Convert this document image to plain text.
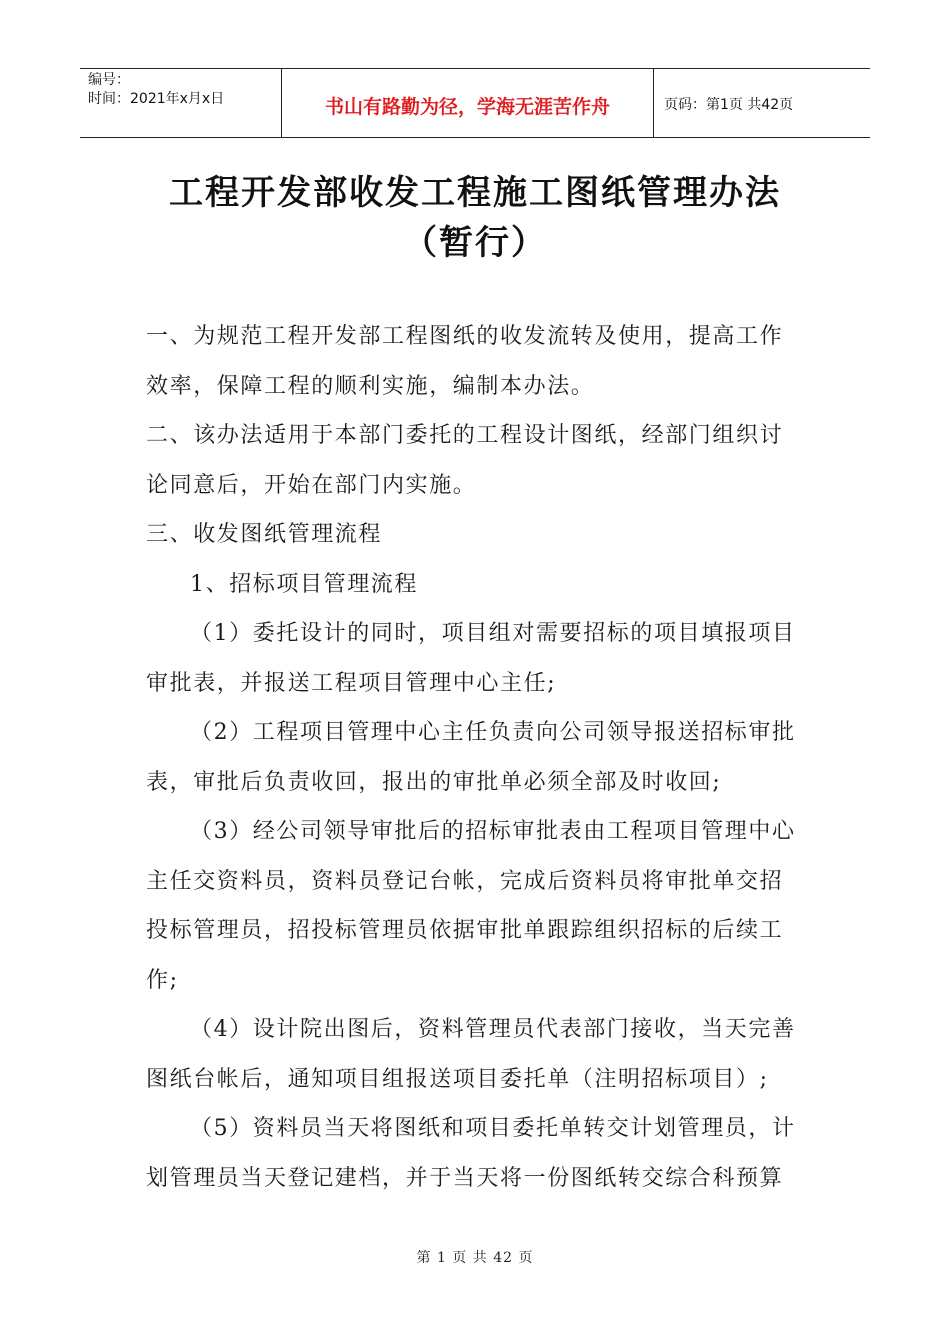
编号：
时间：2021年x月x日	书山有路勤为径，学海无涯苦作舟	页码：第1页 共42页
工程开发部收发工程施工图纸管理办法
（暂行）
一、为规范工程开发部工程图纸的收发流转及使用，提高工作
效率，保障工程的顺利实施，编制本办法。
二、该办法适用于本部门委托的工程设计图纸，经部门组织讨
论同意后，开始在部门内实施。
三、收发图纸管理流程
1、招标项目管理流程
（1）委托设计的同时，项目组对需要招标的项目填报项目
审批表，并报送工程项目管理中心主任;
（2）工程项目管理中心主任负责向公司领导报送招标审批
表，审批后负责收回，报出的审批单必须全部及时收回;
（3）经公司领导审批后的招标审批表由工程项目管理中心
主任交资料员，资料员登记台帐，完成后资料员将审批单交招
投标管理员，招投标管理员依据审批单跟踪组织招标的后续工
作;
（4）设计院出图后，资料管理员代表部门接收，当天完善
图纸台帐后，通知项目组报送项目委托单（注明招标项目）;
（5）资料员当天将图纸和项目委托单转交计划管理员，计
划管理员当天登记建档，并于当天将一份图纸转交综合科预算
第 1 页 共 42 页
